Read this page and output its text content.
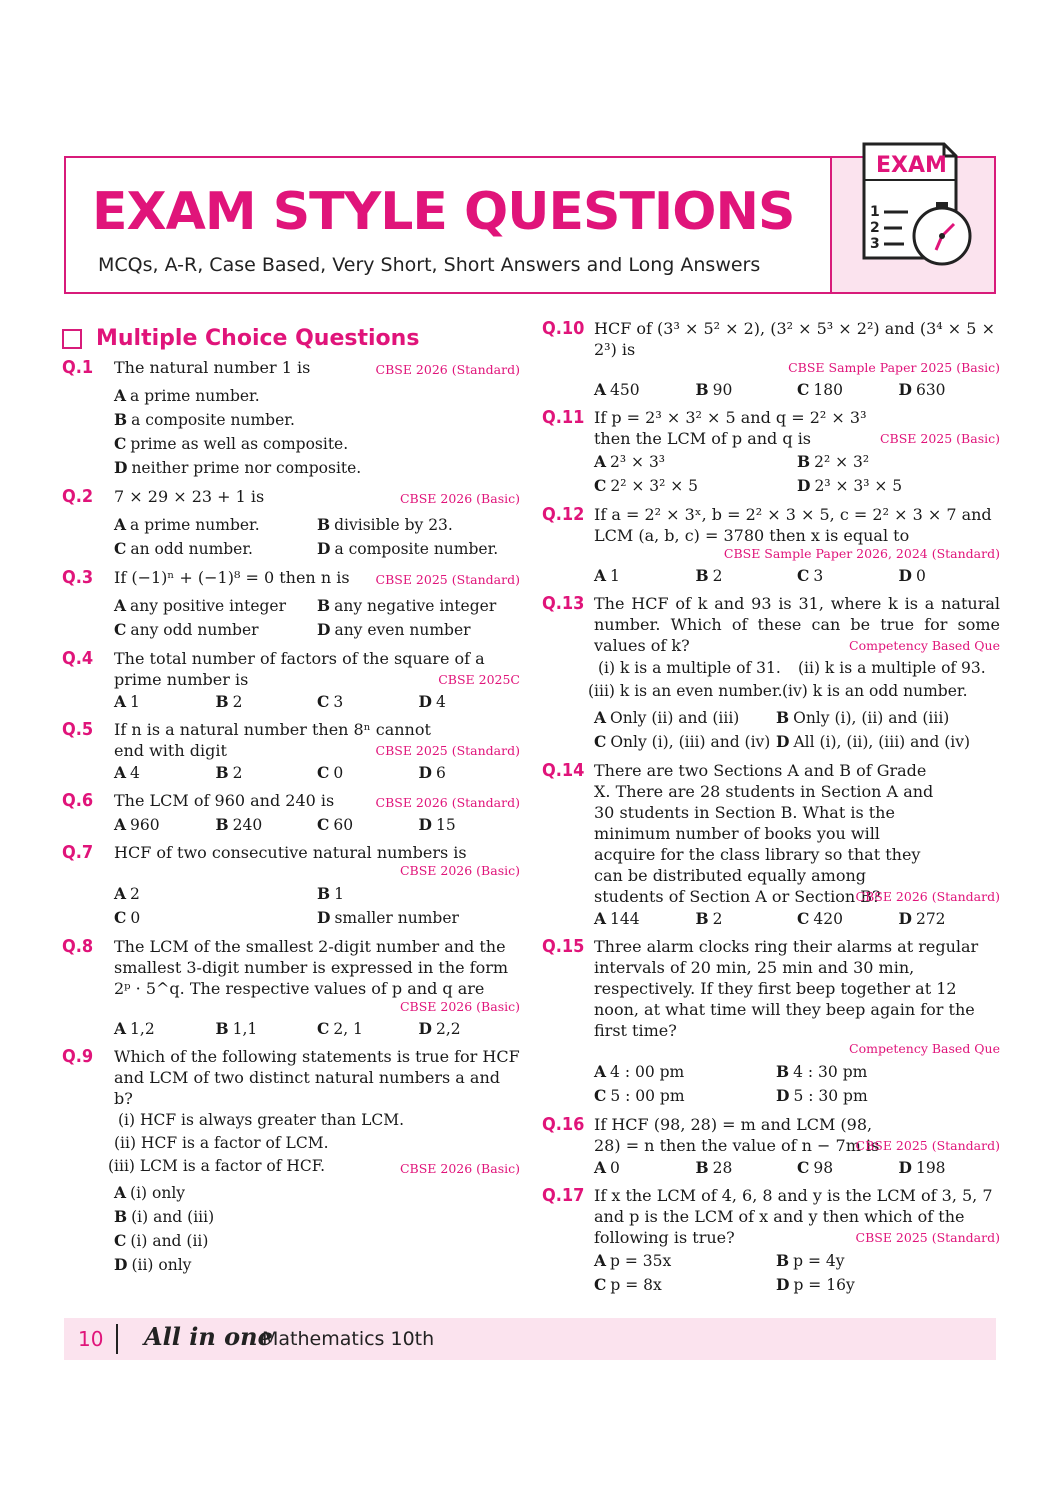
EXAM STYLE QUESTIONS
MCQs, A-R, Case Based, Very Short, Short Answers and Long Answers
EXAM
1
2
3
Multiple Choice Questions
Q.1	CBSE 2026 (Standard)
The natural number 1 is
A a prime number.
B a composite number.
C prime as well as composite.
D neither prime nor composite.
Q.2	CBSE 2026 (Basic)
7 × 29 × 23 + 1 is
A a prime number.	B divisible by 23.
C an odd number.	D a composite number.
Q.3	CBSE 2025 (Standard)
If (−1)ⁿ + (−1)⁸ = 0 then n is
A any positive integer	B any negative integer
C any odd number	D any even number
Q.4 The total number of factors of the square of a prime number is	CBSE 2025C
A 1	B 2	C 3	D 4
Q.5 If n is a natural number then 8ⁿ cannot end with digit	CBSE 2025 (Standard)
A 4	B 2	C 0	D 6
Q.6	CBSE 2026 (Standard)
The LCM of 960 and 240 is
A 960	B 240	C 60	D 15
Q.7 HCF of two consecutive natural numbers is
CBSE 2026 (Basic)
A 2	B 1
C 0	D smaller number
Q.8 The LCM of the smallest 2-digit number and the smallest 3-digit number is expressed in the form 2ᵖ · 5^q. The respective values of p and q are
CBSE 2026 (Basic)
A 1,2	B 1,1	C 2, 1	D 2,2
Q.9 Which of the following statements is true for HCF and LCM of two distinct natural numbers a and b?
(i) HCF is always greater than LCM.
(ii) HCF is a factor of LCM.
CBSE 2026 (Basic)
(iii) LCM is a factor of HCF.
A (i) only
B (i) and (iii)
C (i) and (ii)
D (ii) only
Q.10 HCF of (3³ × 5² × 2), (3² × 5³ × 2²) and (3⁴ × 5 × 2³) is
CBSE Sample Paper 2025 (Basic)
A 450	B 90	C 180	D 630
Q.11 If p = 2³ × 3² × 5 and q = 2² × 3³ then the LCM of p and q is	CBSE 2025 (Basic)
A 2³ × 3³	B 2² × 3²
C 2² × 3² × 5	D 2³ × 3³ × 5
Q.12 If a = 2² × 3ˣ, b = 2² × 3 × 5, c = 2² × 3 × 7 and LCM (a, b, c) = 3780 then x is equal to
CBSE Sample Paper 2026, 2024 (Standard)
A 1	B 2	C 3	D 0
Q.13 The HCF of k and 93 is 31, where k is a natural number. Which of these can be true for some values of k?	Competency Based Que
(i) k is a multiple of 31.	(ii) k is a multiple of 93.
(iii) k is an even number. (iv) k is an odd number.
A Only (ii) and (iii)	B Only (i), (ii) and (iii)
C Only (i), (iii) and (iv) D All (i), (ii), (iii) and (iv)
Q.14 There are two Sections A and B of Grade X. There are 28 students in Section A and 30 students in Section B. What is the minimum number of books you will acquire for the class library so that they can be distributed equally among students of Section A or Section B?
CBSE 2026 (Standard)
A 144	B 2	C 420	D 272
Q.15 Three alarm clocks ring their alarms at regular intervals of 20 min, 25 min and 30 min, respectively. If they first beep together at 12 noon, at what time will they beep again for the first time?
Competency Based Que
A 4 : 00 pm	B 4 : 30 pm
C 5 : 00 pm	D 5 : 30 pm
Q.16 If HCF (98, 28) = m and LCM (98, 28) = n then the value of n − 7m is
CBSE 2025 (Standard)
A 0	B 28	C 98	D 198
Q.17 If x the LCM of 4, 6, 8 and y is the LCM of 3, 5, 7 and p is the LCM of x and y then which of the following is true?	CBSE 2025 (Standard)
A p = 35x	B p = 4y
C p = 8x	D p = 16y
10 All in one
Mathematics 10th
